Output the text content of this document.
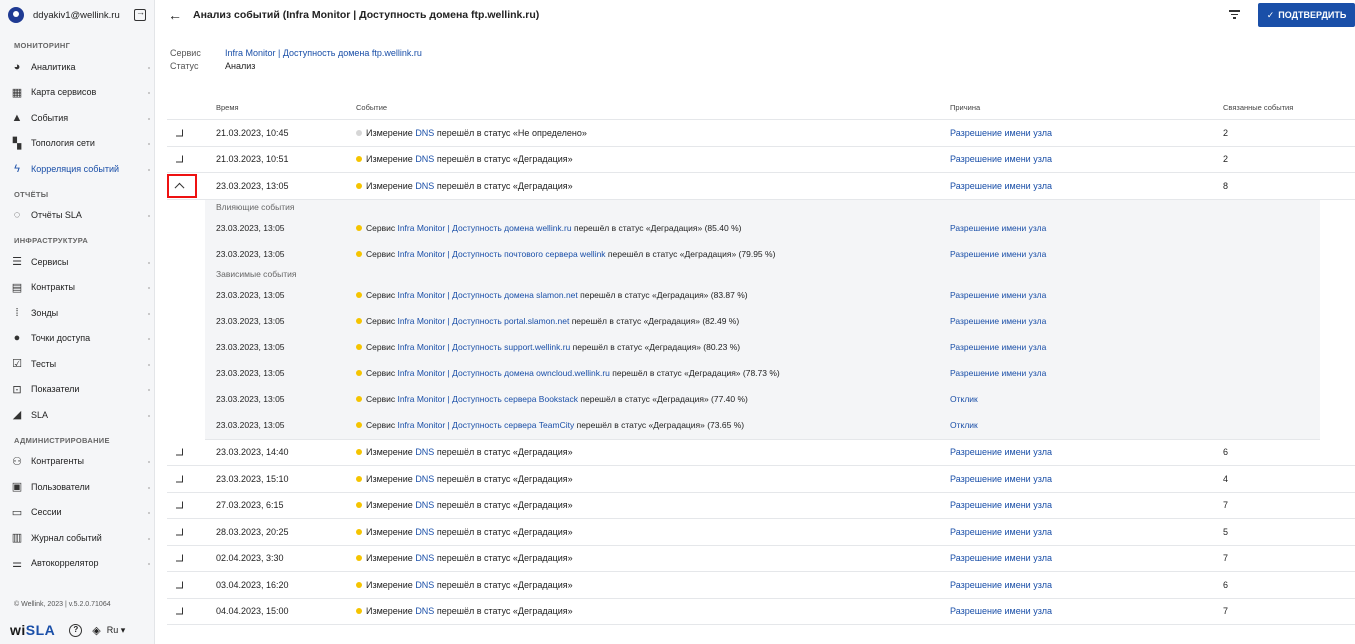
ddyakiv1@wellink.ru
→
МОНИТОРИНГ
◕ Аналитика
▦ Карта сервисов
▲ События
▚ Топология сети
ϟ	Корреляция событий
ОТЧЁТЫ
◌	Отчёты SLA
ИНФРАСТРУКТУРА
☰ Сервисы
▤ Контракты
⁞	Зонды
● Точки доступа
☑ Тесты
⊡ Показатели
◢ SLA
АДМИНИСТРИРОВАНИЕ
⚇ Контрагенты
▣ Пользователи
▭ Сессии
▥ Журнал событий
⚌ Автокоррелятор
© Wellink, 2023 | v.5.2.0.71064
wiSLA	?	◈ Ru ▾
← Анализ событий (Infra Monitor | Доступность домена ftp.wellink.ru)	✓ ПОДТВЕРДИТЬ
Сервис	Infra Monitor | Доступность домена ftp.wellink.ru
Статус	Анализ
Время	Событие	Причина	Связанные события
21.03.2023, 10:45	Измерение DNS перешёл в статус «Не определено»	Разрешение имени узла	2
21.03.2023, 10:51	Измерение DNS перешёл в статус «Деградация»	Разрешение имени узла	2
23.03.2023, 13:05	Измерение DNS перешёл в статус «Деградация»	Разрешение имени узла	8
Влияющие события
23.03.2023, 13:05	Сервис Infra Monitor | Доступность домена wellink.ru перешёл в статус «Деградация» (85.40 %)	Разрешение имени узла
23.03.2023, 13:05	Сервис Infra Monitor | Доступность почтового сервера wellink перешёл в статус «Деградация» (79.95 %)	Разрешение имени узла
Зависимые события
23.03.2023, 13:05	Сервис Infra Monitor | Доступность домена slamon.net перешёл в статус «Деградация» (83.87 %)	Разрешение имени узла
23.03.2023, 13:05	Сервис Infra Monitor | Доступность portal.slamon.net перешёл в статус «Деградация» (82.49 %)	Разрешение имени узла
23.03.2023, 13:05	Сервис Infra Monitor | Доступность support.wellink.ru перешёл в статус «Деградация» (80.23 %)	Разрешение имени узла
23.03.2023, 13:05	Сервис Infra Monitor | Доступность домена owncloud.wellink.ru перешёл в статус «Деградация» (78.73 %)	Разрешение имени узла
23.03.2023, 13:05	Сервис Infra Monitor | Доступность сервера Bookstack перешёл в статус «Деградация» (77.40 %)	Отклик
23.03.2023, 13:05	Сервис Infra Monitor | Доступность сервера TeamCity перешёл в статус «Деградация» (73.65 %)	Отклик
23.03.2023, 14:40	Измерение DNS перешёл в статус «Деградация»	Разрешение имени узла	6
23.03.2023, 15:10	Измерение DNS перешёл в статус «Деградация»	Разрешение имени узла	4
27.03.2023, 6:15	Измерение DNS перешёл в статус «Деградация»	Разрешение имени узла	7
28.03.2023, 20:25	Измерение DNS перешёл в статус «Деградация»	Разрешение имени узла	5
02.04.2023, 3:30	Измерение DNS перешёл в статус «Деградация»	Разрешение имени узла	7
03.04.2023, 16:20	Измерение DNS перешёл в статус «Деградация»	Разрешение имени узла	6
04.04.2023, 15:00	Измерение DNS перешёл в статус «Деградация»	Разрешение имени узла	7
